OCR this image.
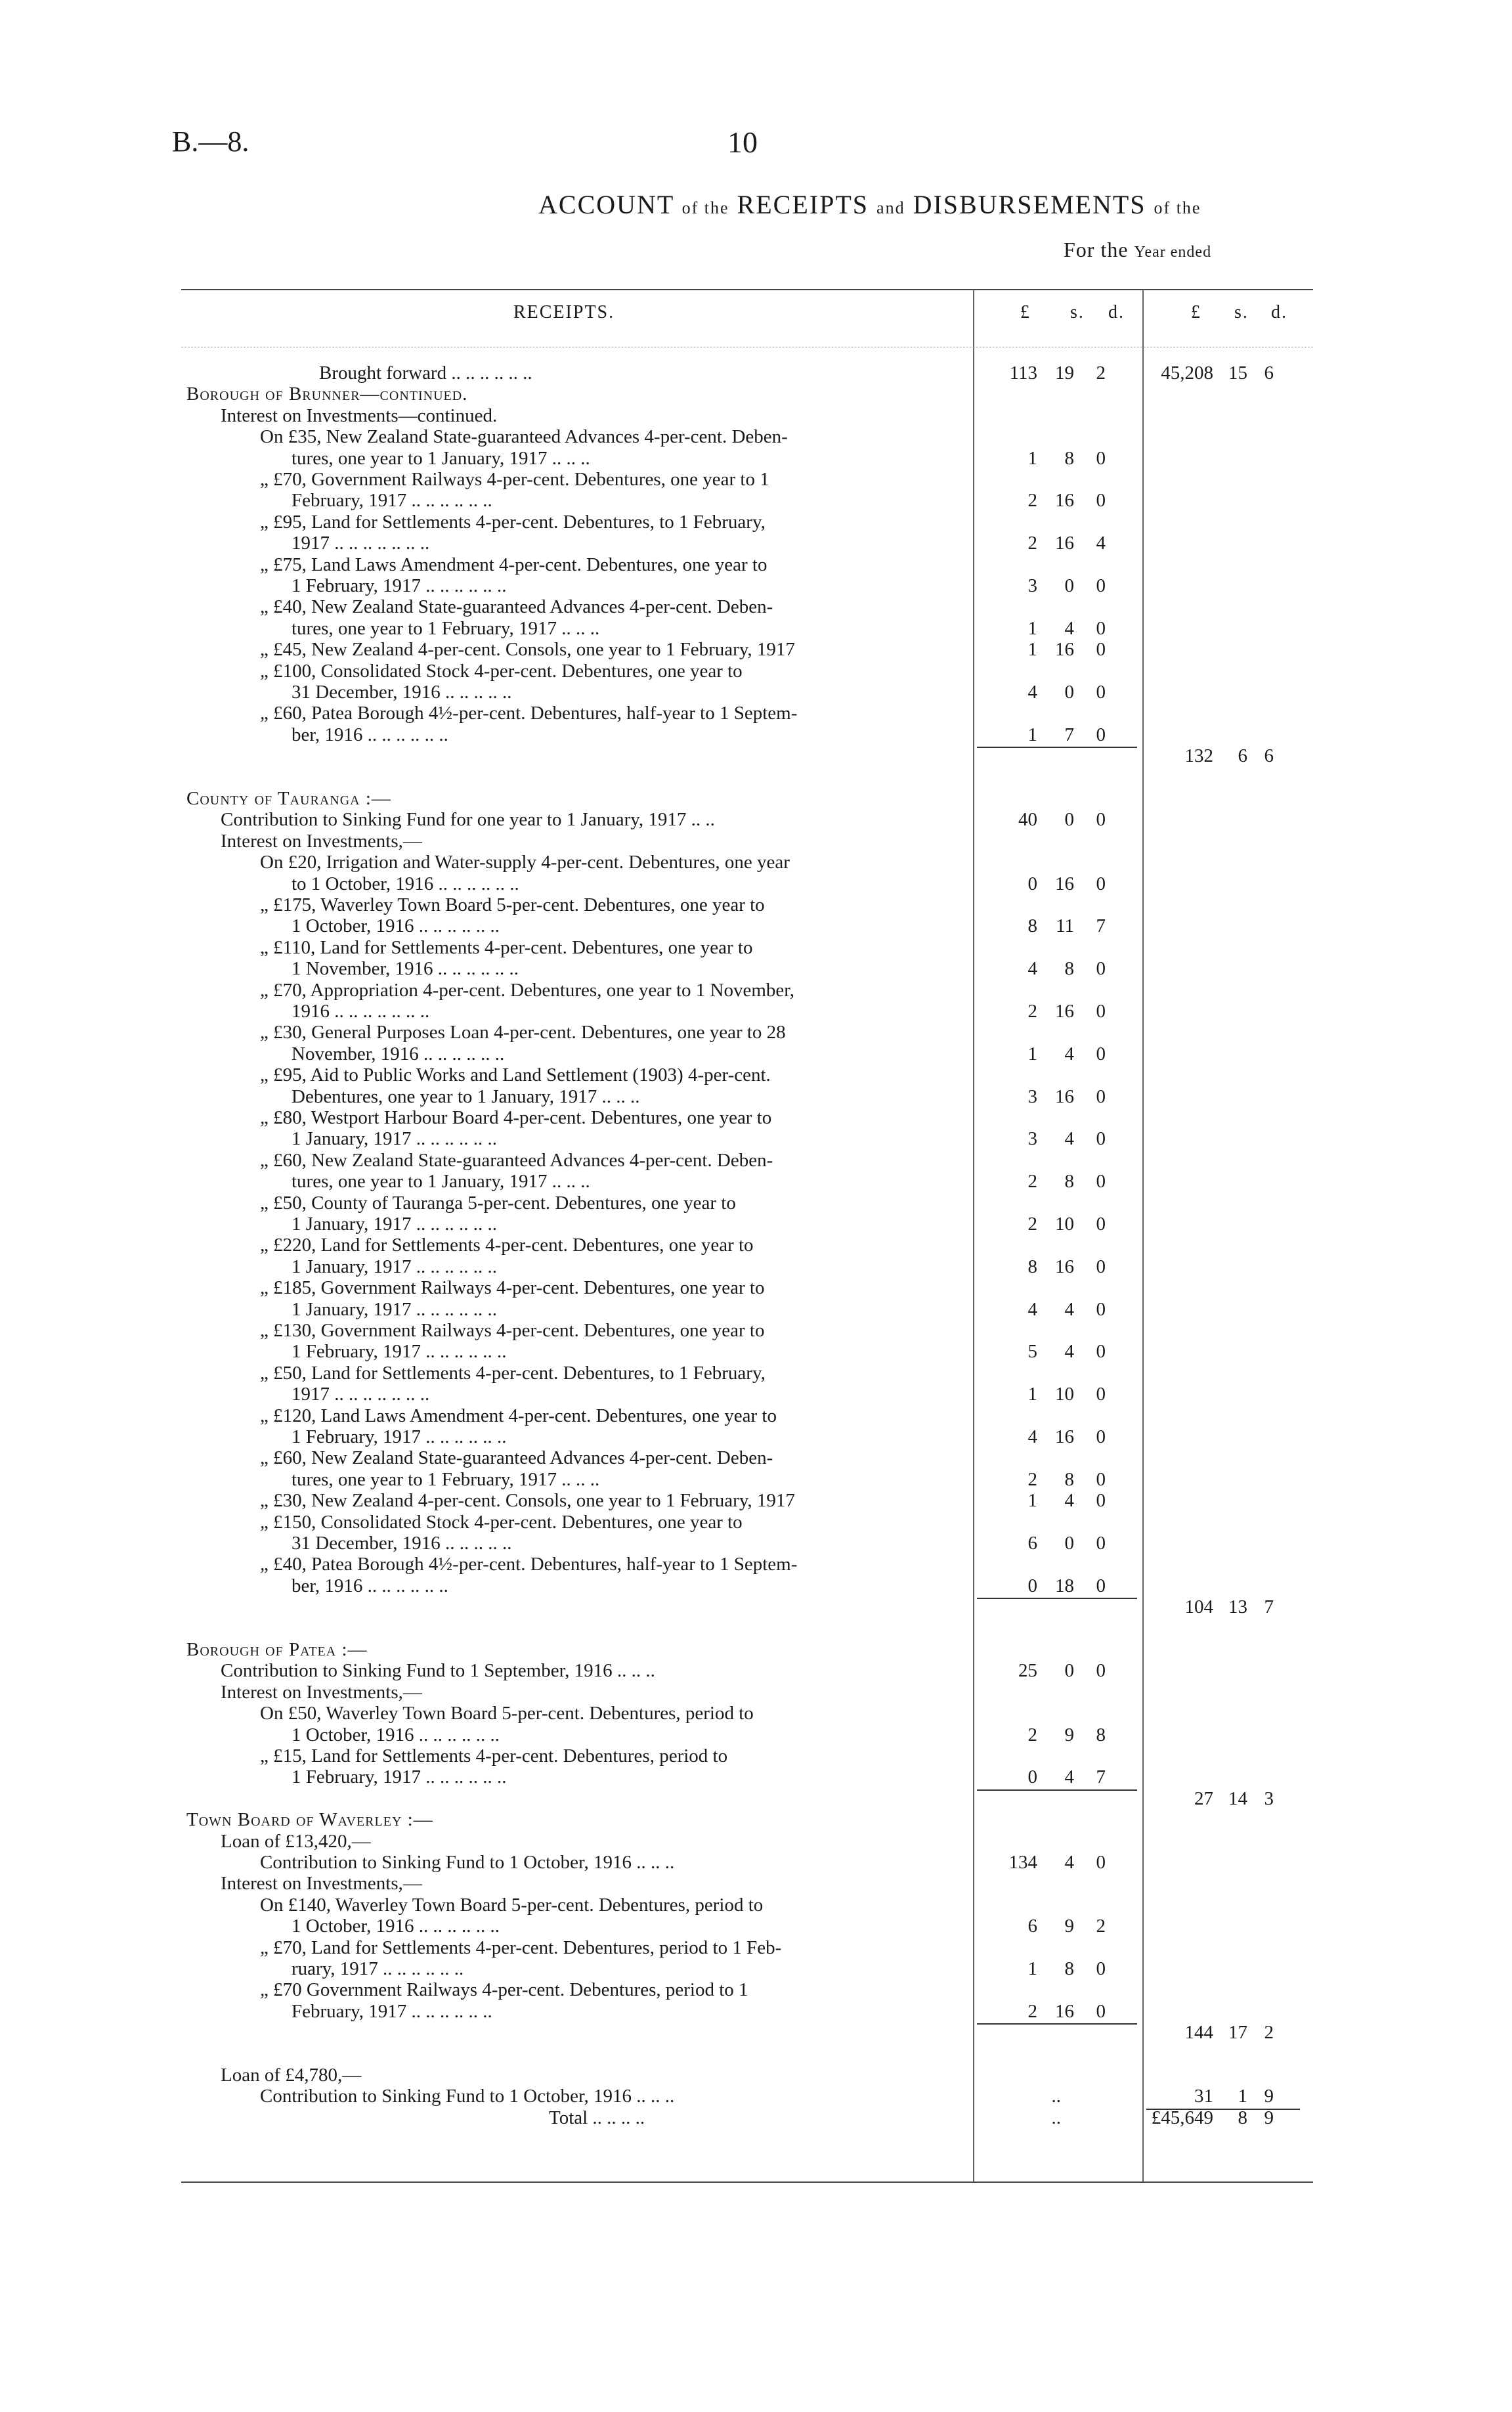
B.—8.	10
ACCOUNT of the RECEIPTS and DISBURSEMENTS of the
For the Year ended
RECEIPTS.	£ s. d.	£ s. d.
Brought forward .. .. .. .. .. ..	113 19 2	45,208 15 6
Borough of Brunner—continued.
Interest on Investments—continued.
On £35, New Zealand State-guaranteed Advances 4-per-cent. Deben-
tures, one year to 1 January, 1917 .. .. ..	1 8 0
„ £70, Government Railways 4-per-cent. Debentures, one year to 1
February, 1917 .. .. .. .. .. ..	2 16 0
„ £95, Land for Settlements 4-per-cent. Debentures, to 1 February,
1917 .. .. .. .. .. .. ..	2 16 4
„ £75, Land Laws Amendment 4-per-cent. Debentures, one year to
1 February, 1917 .. .. .. .. .. ..	3 0 0
„ £40, New Zealand State-guaranteed Advances 4-per-cent. Deben-
tures, one year to 1 February, 1917 .. .. ..	1 4 0
„ £45, New Zealand 4-per-cent. Consols, one year to 1 February, 1917	1 16 0
„ £100, Consolidated Stock 4-per-cent. Debentures, one year to
31 December, 1916 .. .. .. .. ..	4 0 0
„ £60, Patea Borough 4½-per-cent. Debentures, half-year to 1 Septem-
ber, 1916 .. .. .. .. .. ..	1 7 0
132 6 6
County of Tauranga :—
Contribution to Sinking Fund for one year to 1 January, 1917 .. ..	40 0 0
Interest on Investments,—
On £20, Irrigation and Water-supply 4-per-cent. Debentures, one year
to 1 October, 1916 .. .. .. .. .. ..	0 16 0
„ £175, Waverley Town Board 5-per-cent. Debentures, one year to
1 October, 1916 .. .. .. .. .. ..	8 11 7
„ £110, Land for Settlements 4-per-cent. Debentures, one year to
1 November, 1916 .. .. .. .. .. ..	4 8 0
„ £70, Appropriation 4-per-cent. Debentures, one year to 1 November,
1916 .. .. .. .. .. .. ..	2 16 0
„ £30, General Purposes Loan 4-per-cent. Debentures, one year to 28
November, 1916 .. .. .. .. .. ..	1 4 0
„ £95, Aid to Public Works and Land Settlement (1903) 4-per-cent.
Debentures, one year to 1 January, 1917 .. .. ..	3 16 0
„ £80, Westport Harbour Board 4-per-cent. Debentures, one year to
1 January, 1917 .. .. .. .. .. ..	3 4 0
„ £60, New Zealand State-guaranteed Advances 4-per-cent. Deben-
tures, one year to 1 January, 1917 .. .. ..	2 8 0
„ £50, County of Tauranga 5-per-cent. Debentures, one year to
1 January, 1917 .. .. .. .. .. ..	2 10 0
„ £220, Land for Settlements 4-per-cent. Debentures, one year to
1 January, 1917 .. .. .. .. .. ..	8 16 0
„ £185, Government Railways 4-per-cent. Debentures, one year to
1 January, 1917 .. .. .. .. .. ..	4 4 0
„ £130, Government Railways 4-per-cent. Debentures, one year to
1 February, 1917 .. .. .. .. .. ..	5 4 0
„ £50, Land for Settlements 4-per-cent. Debentures, to 1 February,
1917 .. .. .. .. .. .. ..	1 10 0
„ £120, Land Laws Amendment 4-per-cent. Debentures, one year to
1 February, 1917 .. .. .. .. .. ..	4 16 0
„ £60, New Zealand State-guaranteed Advances 4-per-cent. Deben-
tures, one year to 1 February, 1917 .. .. ..	2 8 0
„ £30, New Zealand 4-per-cent. Consols, one year to 1 February, 1917	1 4 0
„ £150, Consolidated Stock 4-per-cent. Debentures, one year to
31 December, 1916 .. .. .. .. ..	6 0 0
„ £40, Patea Borough 4½-per-cent. Debentures, half-year to 1 Septem-
ber, 1916 .. .. .. .. .. ..	0 18 0
104 13 7
Borough of Patea :—
Contribution to Sinking Fund to 1 September, 1916 .. .. ..	25 0 0
Interest on Investments,—
On £50, Waverley Town Board 5-per-cent. Debentures, period to
1 October, 1916 .. .. .. .. .. ..	2 9 8
„ £15, Land for Settlements 4-per-cent. Debentures, period to
1 February, 1917 .. .. .. .. .. ..	0 4 7
27 14 3
Town Board of Waverley :—
Loan of £13,420,—
Contribution to Sinking Fund to 1 October, 1916 .. .. ..	134 4 0
Interest on Investments,—
On £140, Waverley Town Board 5-per-cent. Debentures, period to
1 October, 1916 .. .. .. .. .. ..	6 9 2
„ £70, Land for Settlements 4-per-cent. Debentures, period to 1 Feb-
ruary, 1917 .. .. .. .. .. ..	1 8 0
„ £70 Government Railways 4-per-cent. Debentures, period to 1
February, 1917 .. .. .. .. .. ..	2 16 0
144 17 2
Loan of £4,780,—
Contribution to Sinking Fund to 1 October, 1916 .. .. ..	..	31 1 9
Total .. .. .. ..	..	£45,649 8 9
